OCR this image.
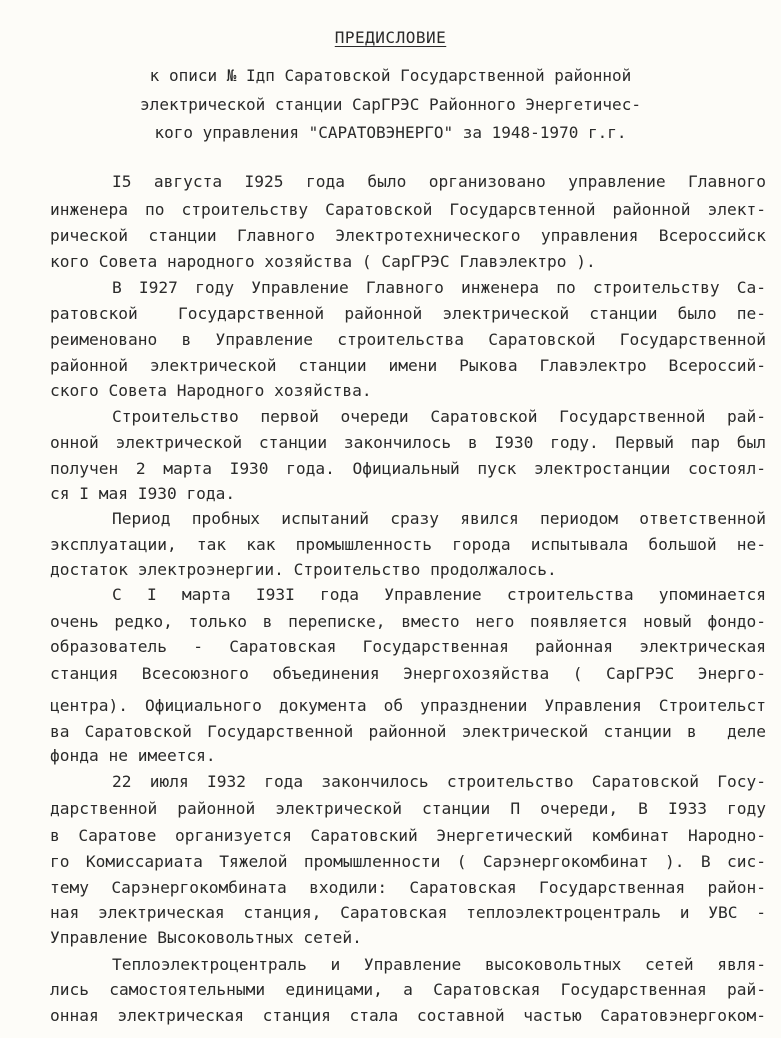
ПРЕДИСЛОВИЕ
к описи № Iдп Саратовской Государственной районной
электрической станции СарГРЭС Районного Энергетичес-
кого управления "САРАТОВЭНЕРГО" за 1948-1970 г.г.
I5 августа I925 года было организовано управление Главного
инженера по строительству Саратовской Государсвтенной районной элект-
рической станции Главного Электротехнического управления Всероссийск
кого Совета народного хозяйства ( СарГРЭС Главэлектро ).
В I927 году Управление Главного инженера по строительству Са-
ратовской  Государственной районной электрической станции было пе-
реименовано в Управление строительства Саратовской Государственной
районной электрической станции имени Рыкова Главэлектро Всероссий-
ского Совета Народного хозяйства.
Строительство первой очереди Саратовской Государственной рай-
онной электрической станции закончилось в I930 году. Первый пар был
получен 2 марта I930 года. Официальный пуск электростанции состоял-
ся I мая I930 года.
Период пробных испытаний сразу явился периодом ответственной
эксплуатации, так как промышленность города испытывала большой не-
достаток электроэнергии. Строительство продолжалось.
С I марта I93I года Управление строительства упоминается
очень редко, только в переписке, вместо него появляется новый фондо-
образователь - Саратовская Государственная районная электрическая
станция Всесоюзного объединения Энергохозяйства ( СарГРЭС Энерго-
центра). Официального документа об упразднении Управления Строительст
ва Саратовской Государственной районной электрической станции в  деле
фонда не имеется.
22 июля I932 года закончилось строительство Саратовской Госу-
дарственной районной электрической станции П очереди, В I933 году
в Саратове организуется Саратовский Энергетический комбинат Народно-
го Комиссариата Тяжелой промышленности ( Сарэнергокомбинат ). В сис-
тему Сарэнергокомбината входили: Саратовская Государственная район-
ная электрическая станция, Саратовская теплоэлектроцентраль и УВС -
Управление Высоковольтных сетей.
Теплоэлектроцентраль и Управление высоковольтных сетей явля-
лись самостоятельными единицами, а Саратовская Государственная рай-
онная электрическая станция стала составной частью Саратовэнергоком-
